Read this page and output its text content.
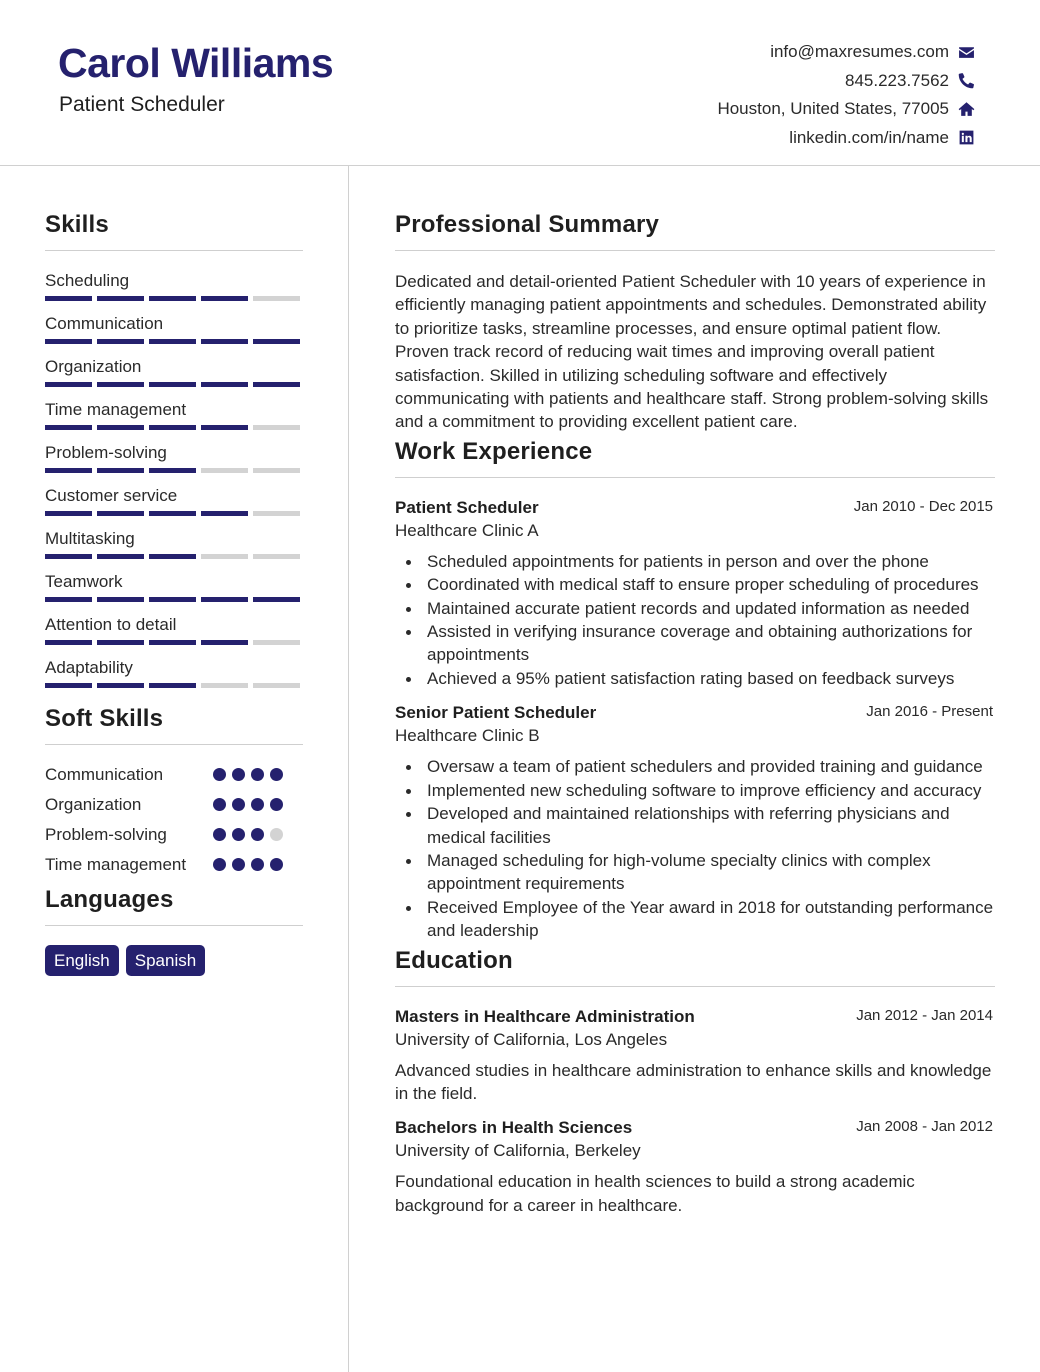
Carol Williams
Patient Scheduler
info@maxresumes.com
845.223.7562
Houston, United States, 77005
linkedin.com/in/name
Skills
Scheduling
Communication
Organization
Time management
Problem-solving
Customer service
Multitasking
Teamwork
Attention to detail
Adaptability
Soft Skills
Communication
Organization
Problem-solving
Time management
Languages
English	Spanish
Professional Summary
Dedicated and detail-oriented Patient Scheduler with 10 years of experience in efficiently managing patient appointments and schedules. Demonstrated ability to prioritize tasks, streamline processes, and ensure optimal patient flow. Proven track record of reducing wait times and improving overall patient satisfaction. Skilled in utilizing scheduling software and effectively communicating with patients and healthcare staff. Strong problem-solving skills and a commitment to providing excellent patient care.
Work Experience
Patient Scheduler	Jan 2010 - Dec 2015
Healthcare Clinic A
Scheduled appointments for patients in person and over the phone
Coordinated with medical staff to ensure proper scheduling of procedures
Maintained accurate patient records and updated information as needed
Assisted in verifying insurance coverage and obtaining authorizations for appointments
Achieved a 95% patient satisfaction rating based on feedback surveys
Senior Patient Scheduler	Jan 2016 - Present
Healthcare Clinic B
Oversaw a team of patient schedulers and provided training and guidance
Implemented new scheduling software to improve efficiency and accuracy
Developed and maintained relationships with referring physicians and medical facilities
Managed scheduling for high-volume specialty clinics with complex appointment requirements
Received Employee of the Year award in 2018 for outstanding performance and leadership
Education
Masters in Healthcare Administration	Jan 2012 - Jan 2014
University of California, Los Angeles
Advanced studies in healthcare administration to enhance skills and knowledge in the field.
Bachelors in Health Sciences	Jan 2008 - Jan 2012
University of California, Berkeley
Foundational education in health sciences to build a strong academic background for a career in healthcare.
